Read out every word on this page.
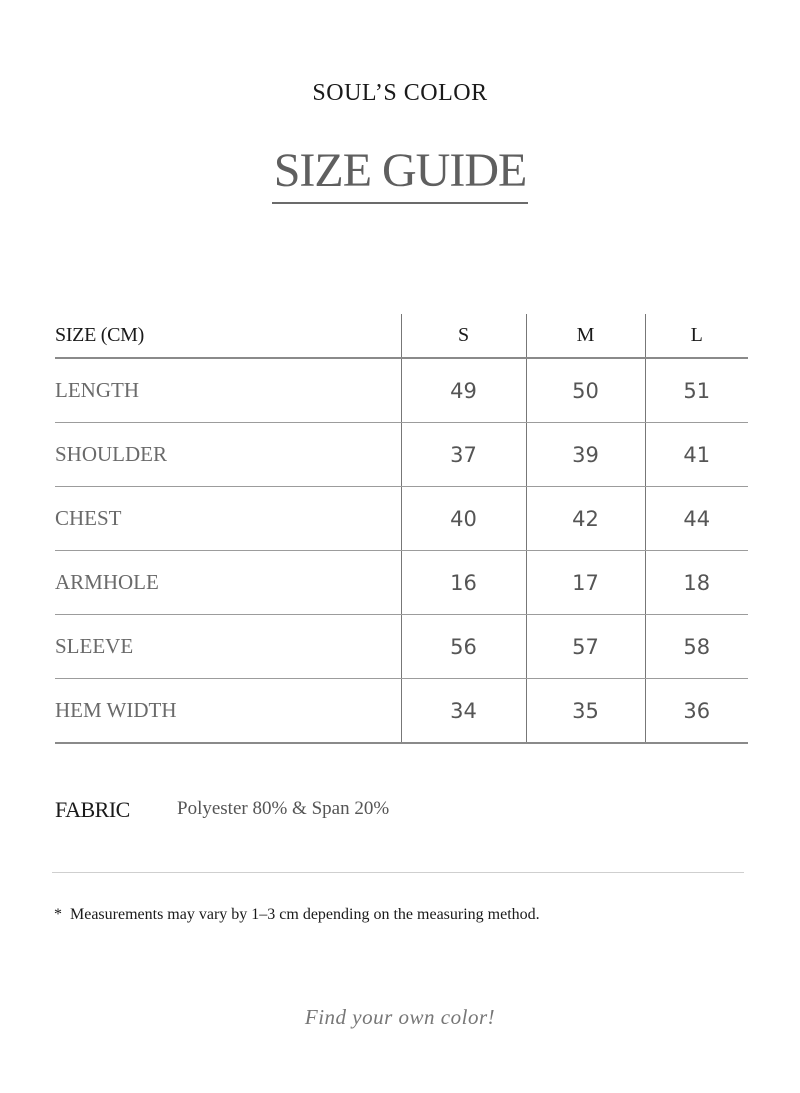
SOUL’S COLOR
SIZE GUIDE
SIZE (CM)	S	M	L
LENGTH	49	50	51
SHOULDER	37	39	41
CHEST	40	42	44
ARMHOLE	16	17	18
SLEEVE	56	57	58
HEM WIDTH	34	35	36
FABRIC Polyester 80% & Span 20%
* Measurements may vary by 1–3 cm depending on the measuring method.
Find your own color!
